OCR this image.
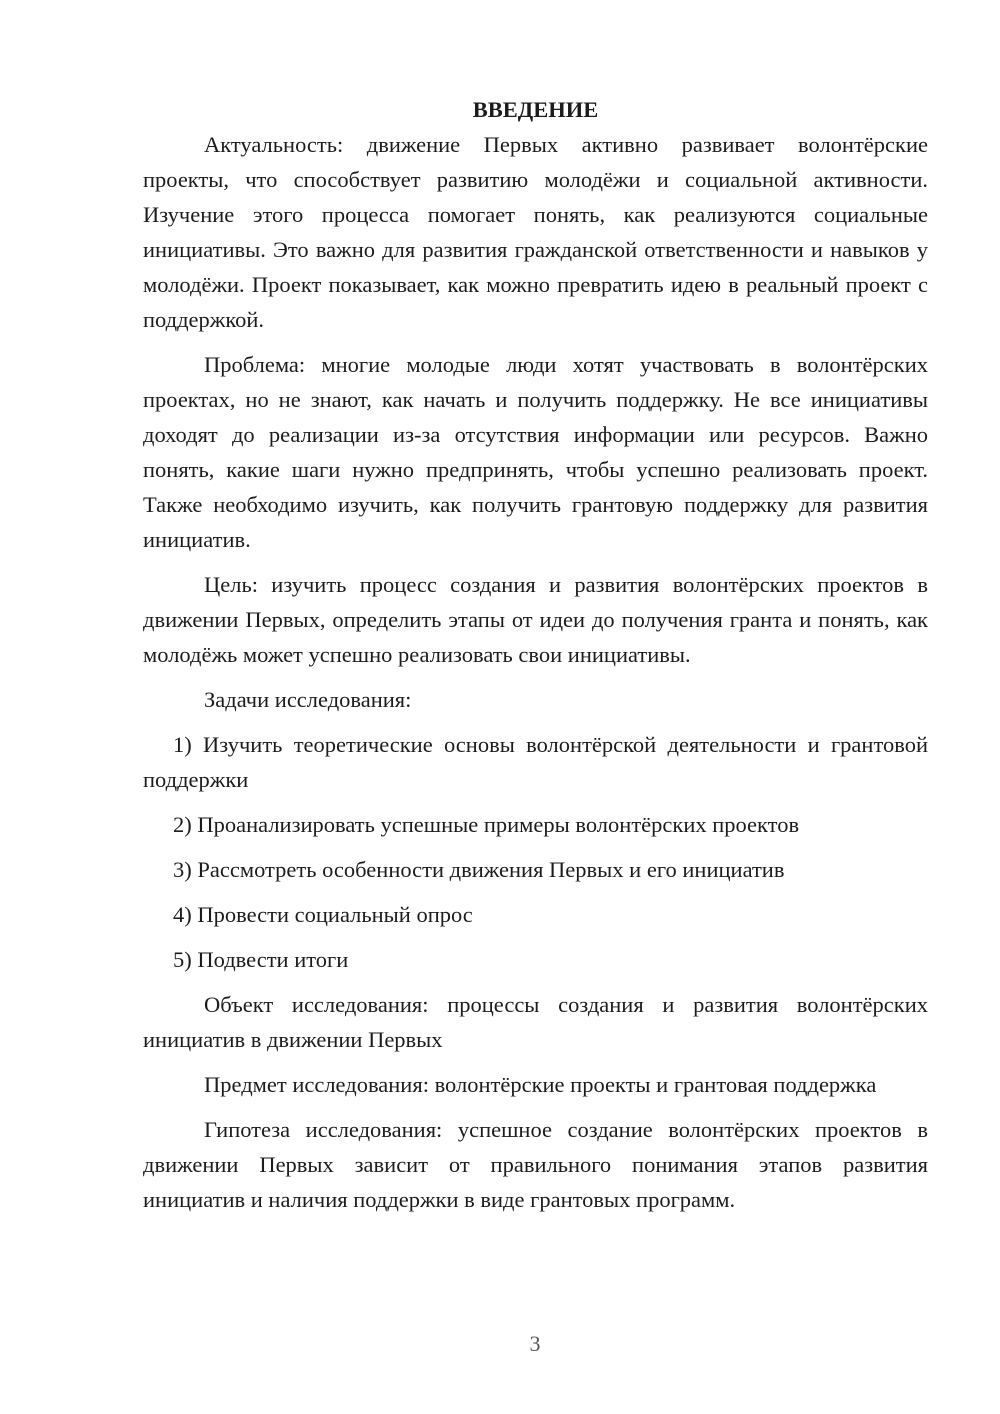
ВВЕДЕНИЕ

Актуальность: движение Первых активно развивает волонтёрские проекты, что способствует развитию молодёжи и социальной активности. Изучение этого процесса помогает понять, как реализуются социальные инициативы. Это важно для развития гражданской ответственности и навыков у молодёжи. Проект показывает, как можно превратить идею в реальный проект с поддержкой.

Проблема: многие молодые люди хотят участвовать в волонтёрских проектах, но не знают, как начать и получить поддержку. Не все инициативы доходят до реализации из-за отсутствия информации или ресурсов. Важно понять, какие шаги нужно предпринять, чтобы успешно реализовать проект. Также необходимо изучить, как получить грантовую поддержку для развития инициатив.

Цель: изучить процесс создания и развития волонтёрских проектов в движении Первых, определить этапы от идеи до получения гранта и понять, как молодёжь может успешно реализовать свои инициативы.

Задачи исследования:

1) Изучить теоретические основы волонтёрской деятельности и грантовой поддержки

2) Проанализировать успешные примеры волонтёрских проектов

3) Рассмотреть особенности движения Первых и его инициатив

4) Провести социальный опрос

5) Подвести итоги

Объект исследования: процессы создания и развития волонтёрских инициатив в движении Первых

Предмет исследования: волонтёрские проекты и грантовая поддержка

Гипотеза исследования: успешное создание волонтёрских проектов в движении Первых зависит от правильного понимания этапов развития инициатив и наличия поддержки в виде грантовых программ.

3
